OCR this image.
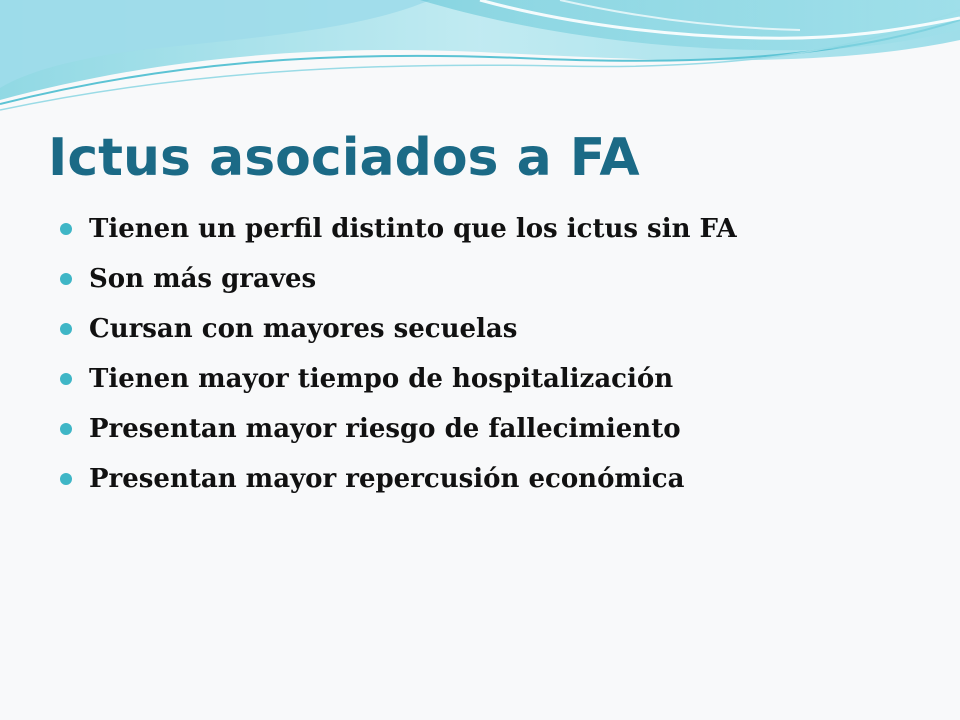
Ictus asociados a FA
Tienen un perfil distinto que los ictus sin FA
Son más graves
Cursan con mayores secuelas
Tienen mayor tiempo de hospitalización
Presentan mayor riesgo de fallecimiento
Presentan mayor repercusión económica
